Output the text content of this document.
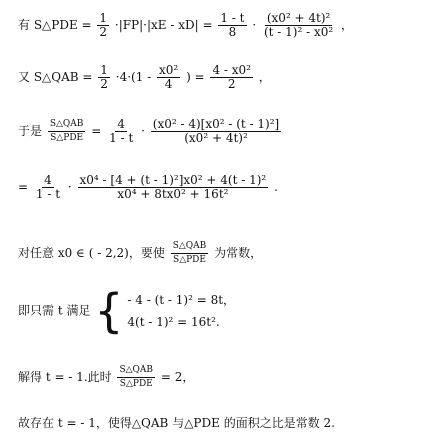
有 S△PDE = $\frac{1}{2} \cdot|FP|\cdot|xE - xD| = \frac{1 - t}{8} \cdot \frac{\text{(x0² + 4t)²}}{\text{(t - 1)² - x0²}}$ ，
又 S△QAB = $\frac{1}{2} \cdot 4\cdot(1 - \frac{\text{x0²}}{4}$ ) = $\frac{\text{4 - x0²}}{2}$ ，
于是 $\frac{\text{S△QAB}}{\text{S△PDE}} = \frac{4}{1 - t} \cdot \frac{\text{(x0² - 4)[x0² - (t - 1)²]}}{\text{(x0² + 4t)²}}$
= $\frac{4}{1 - t} \cdot \frac{\text{x0⁴ - [4 + (t - 1)²]x0² + 4(t - 1)²}}{\text{x0⁴ + 8tx0² + 16t²}}$ .
对任意 x0 ∈ ( - 2,2)，要使 $\frac{\text{S△QAB}}{\text{S△PDE}}$ 为常数，
即只需 t 满足 { - 4 - (t - 1)² = 8t，
4(t - 1)² = 16t².
解得 t = - 1.此时 $\frac{\text{S△QAB}}{\text{S△PDE}} = 2$，
故存在 t = - 1，使得△QAB 与△PDE 的面积之比是常数 2.
